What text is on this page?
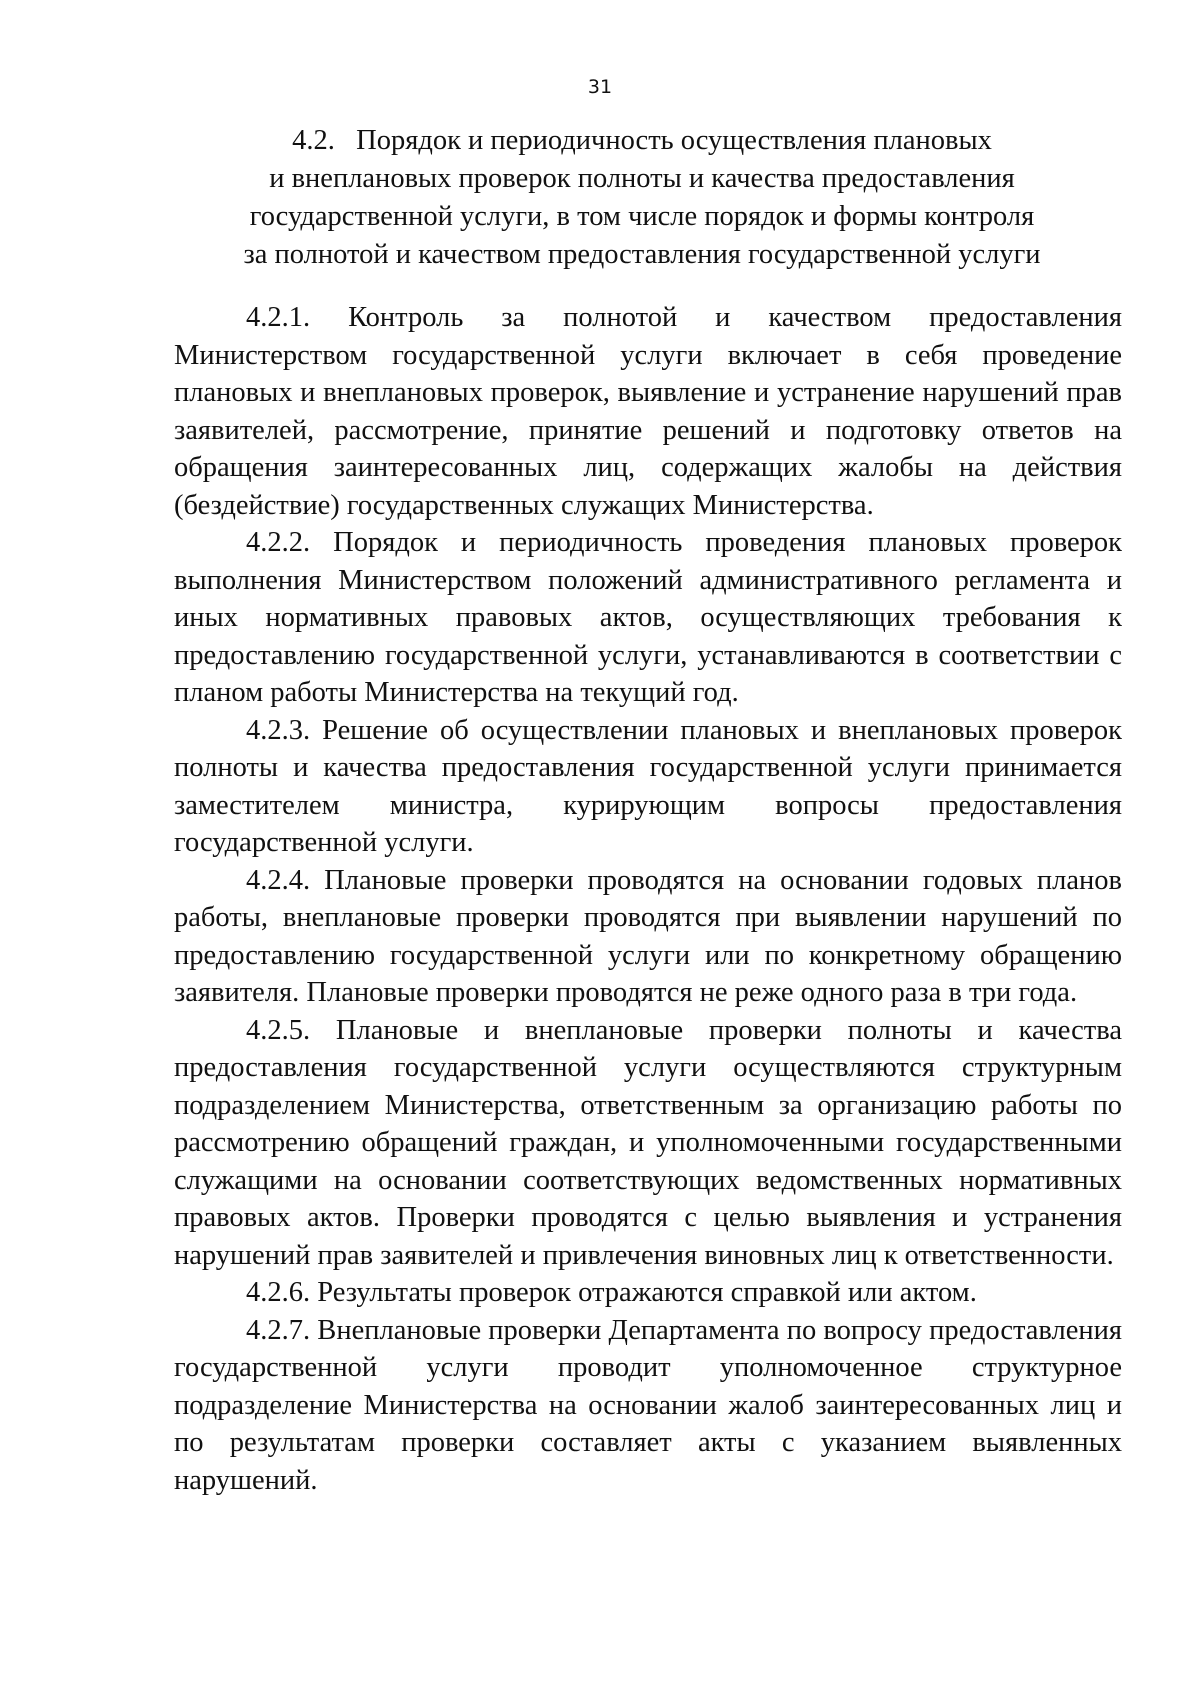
31
4.2. Порядок и периодичность осуществления плановых
и внеплановых проверок полноты и качества предоставления
государственной услуги, в том числе порядок и формы контроля
за полнотой и качеством предоставления государственной услуги

4.2.1. Контроль за полнотой и качеством предоставления Министерством государственной услуги включает в себя проведение плановых и внеплановых проверок, выявление и устранение нарушений прав заявителей, рассмотрение, принятие решений и подготовку ответов на обращения заинтересованных лиц, содержащих жалобы на действия (бездействие) государственных служащих Министерства.

4.2.2. Порядок и периодичность проведения плановых проверок выполнения Министерством положений административного регламента и иных нормативных правовых актов, осуществляющих требования к предоставлению государственной услуги, устанавливаются в соответствии с планом работы Министерства на текущий год.

4.2.3. Решение об осуществлении плановых и внеплановых проверок полноты и качества предоставления государственной услуги принимается заместителем министра, курирующим вопросы предоставления государственной услуги.

4.2.4. Плановые проверки проводятся на основании годовых планов работы, внеплановые проверки проводятся при выявлении нарушений по предоставлению государственной услуги или по конкретному обращению заявителя. Плановые проверки проводятся не реже одного раза в три года.

4.2.5. Плановые и внеплановые проверки полноты и качества предоставления государственной услуги осуществляются структурным подразделением Министерства, ответственным за организацию работы по рассмотрению обращений граждан, и уполномоченными государственными служащими на основании соответствующих ведомственных нормативных правовых актов. Проверки проводятся с целью выявления и устранения нарушений прав заявителей и привлечения виновных лиц к ответственности.

4.2.6. Результаты проверок отражаются справкой или актом.

4.2.7. Внеплановые проверки Департамента по вопросу предоставления государственной услуги проводит уполномоченное структурное подразделение Министерства на основании жалоб заинтересованных лиц и по результатам проверки составляет акты с указанием выявленных нарушений.
